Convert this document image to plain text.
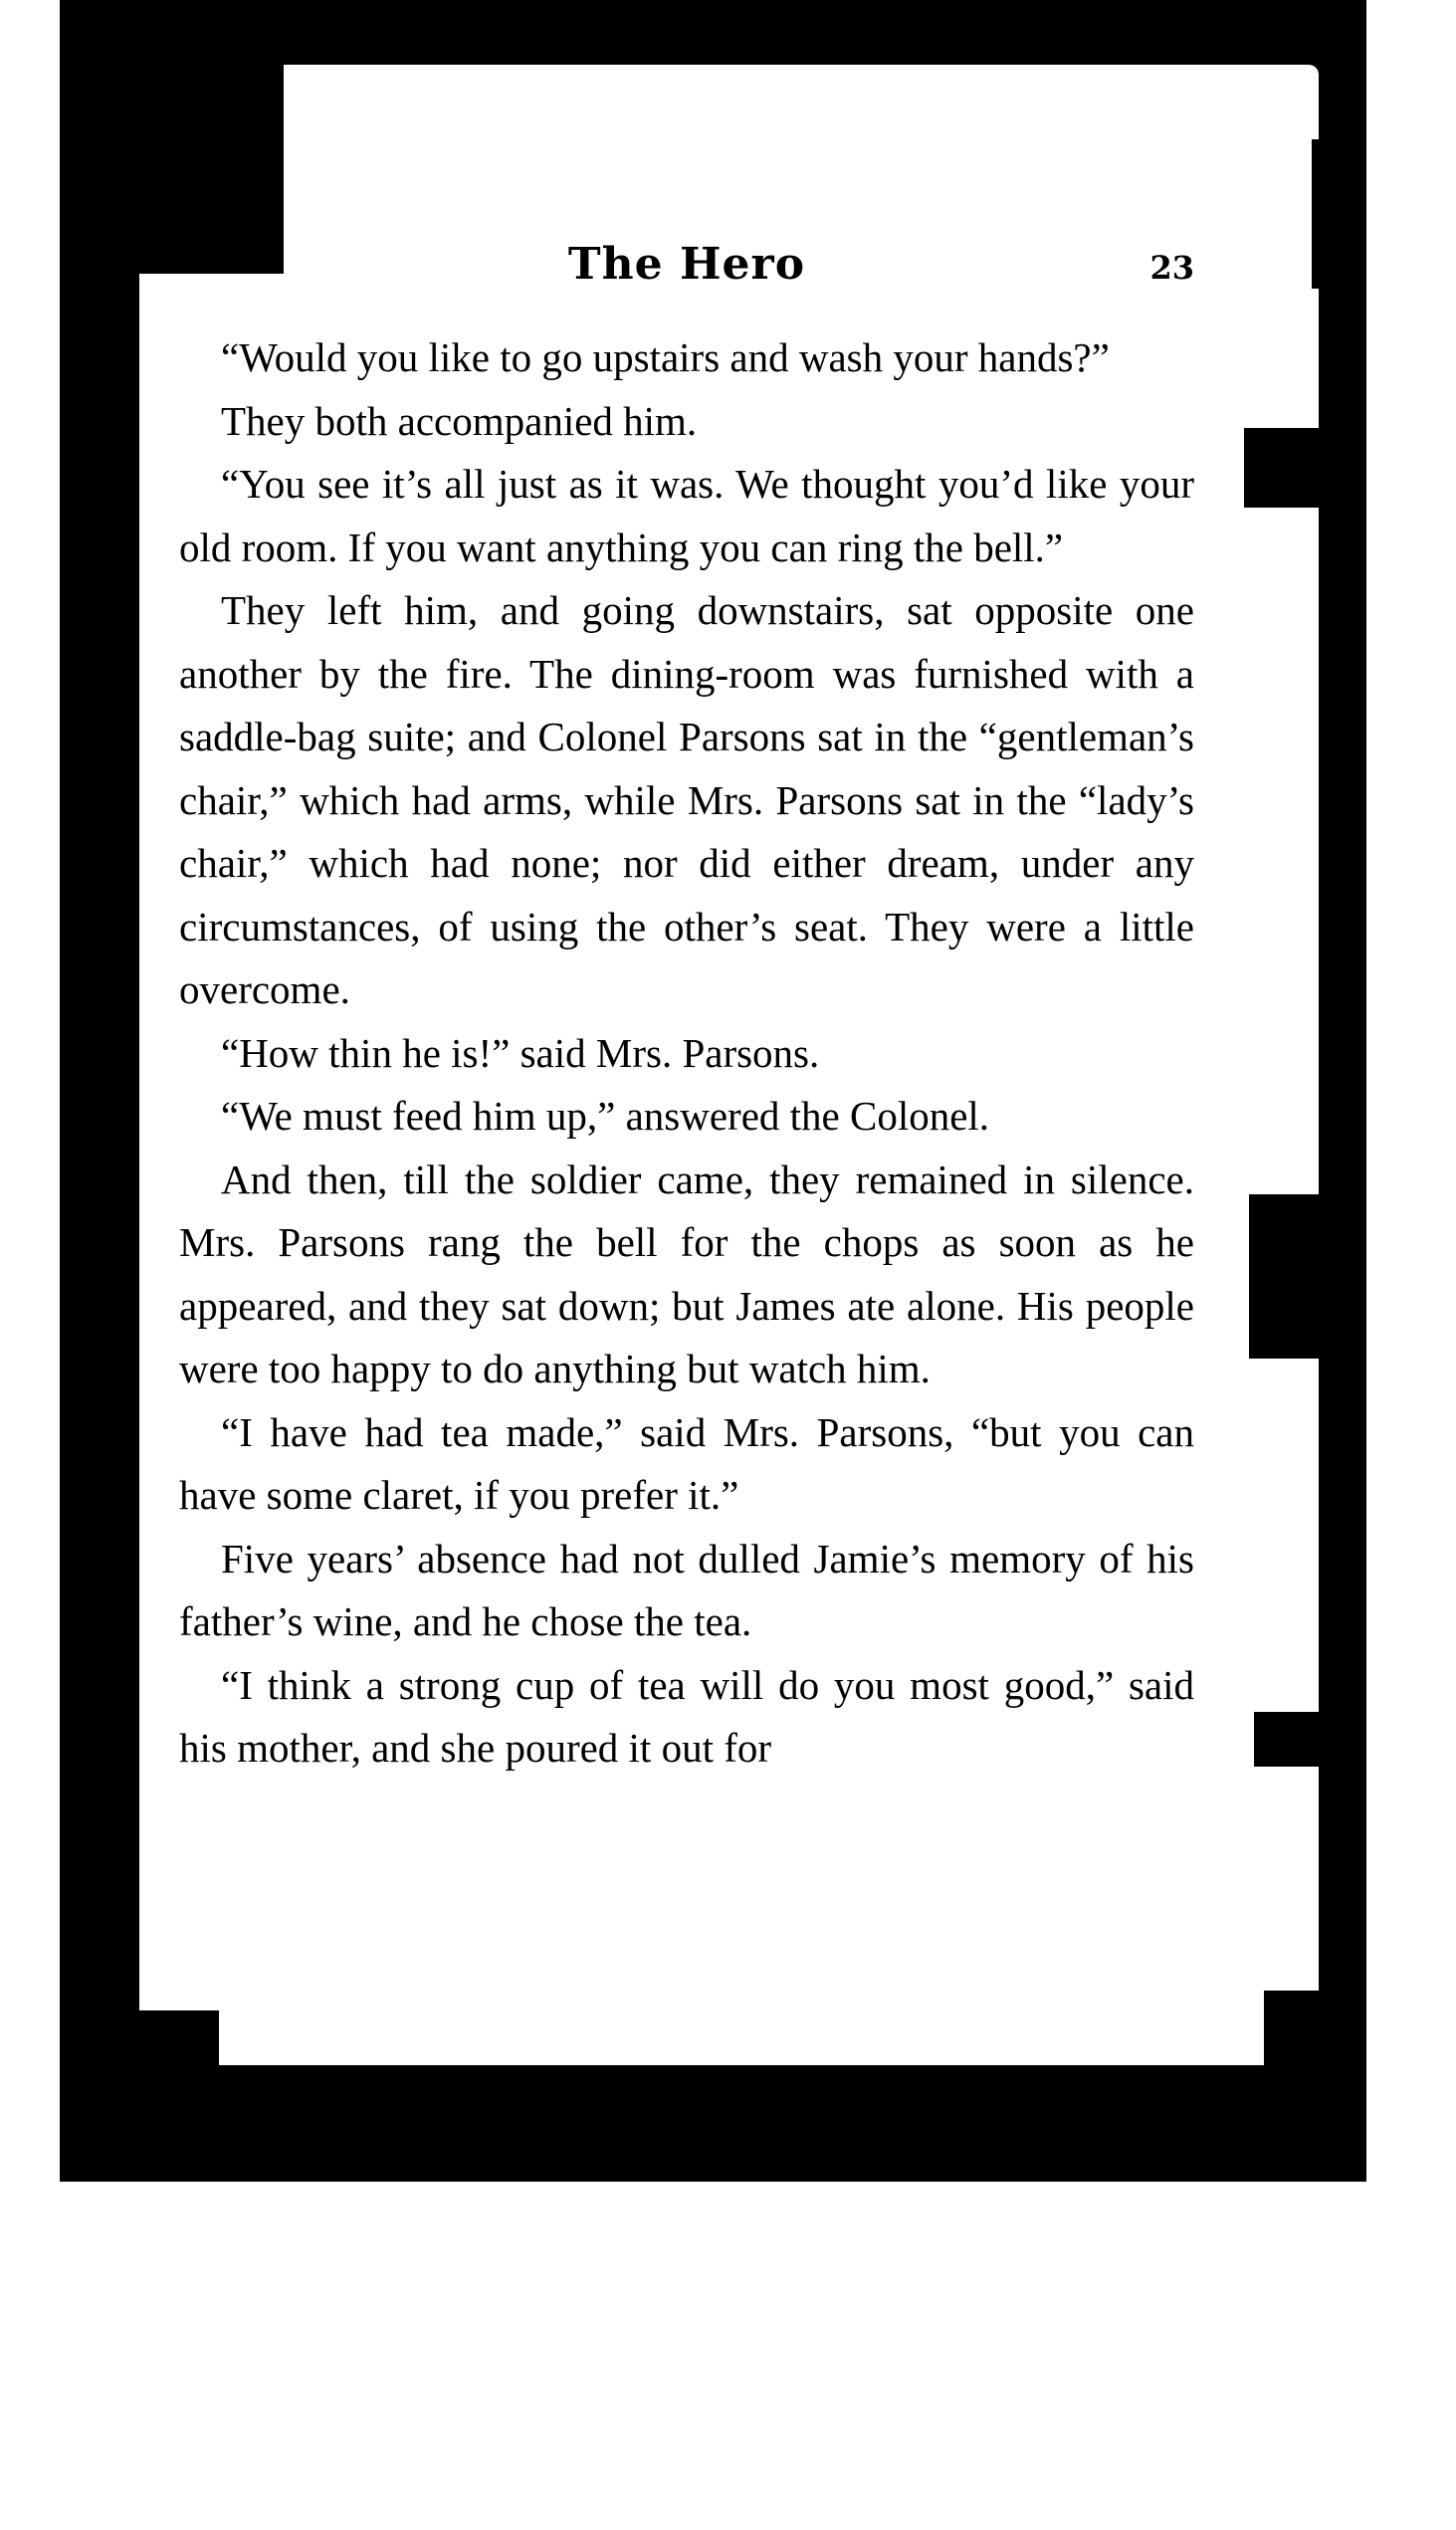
The Hero	23

“Would you like to go upstairs and wash your hands?”

They both accompanied him.

“You see it’s all just as it was. We thought you’d like your old room. If you want anything you can ring the bell.”

They left him, and going downstairs, sat opposite one another by the fire. The dining-room was furnished with a saddle-bag suite; and Colonel Parsons sat in the “gentleman’s chair,” which had arms, while Mrs. Parsons sat in the “lady’s chair,” which had none; nor did either dream, under any circumstances, of using the other’s seat. They were a little overcome.

“How thin he is!” said Mrs. Parsons.

“We must feed him up,” answered the Colonel.

And then, till the soldier came, they remained in silence. Mrs. Parsons rang the bell for the chops as soon as he appeared, and they sat down; but James ate alone. His people were too happy to do anything but watch him.

“I have had tea made,” said Mrs. Parsons, “but you can have some claret, if you prefer it.”

Five years’ absence had not dulled Jamie’s memory of his father’s wine, and he chose the tea.

“I think a strong cup of tea will do you most good,” said his mother, and she poured it out for
